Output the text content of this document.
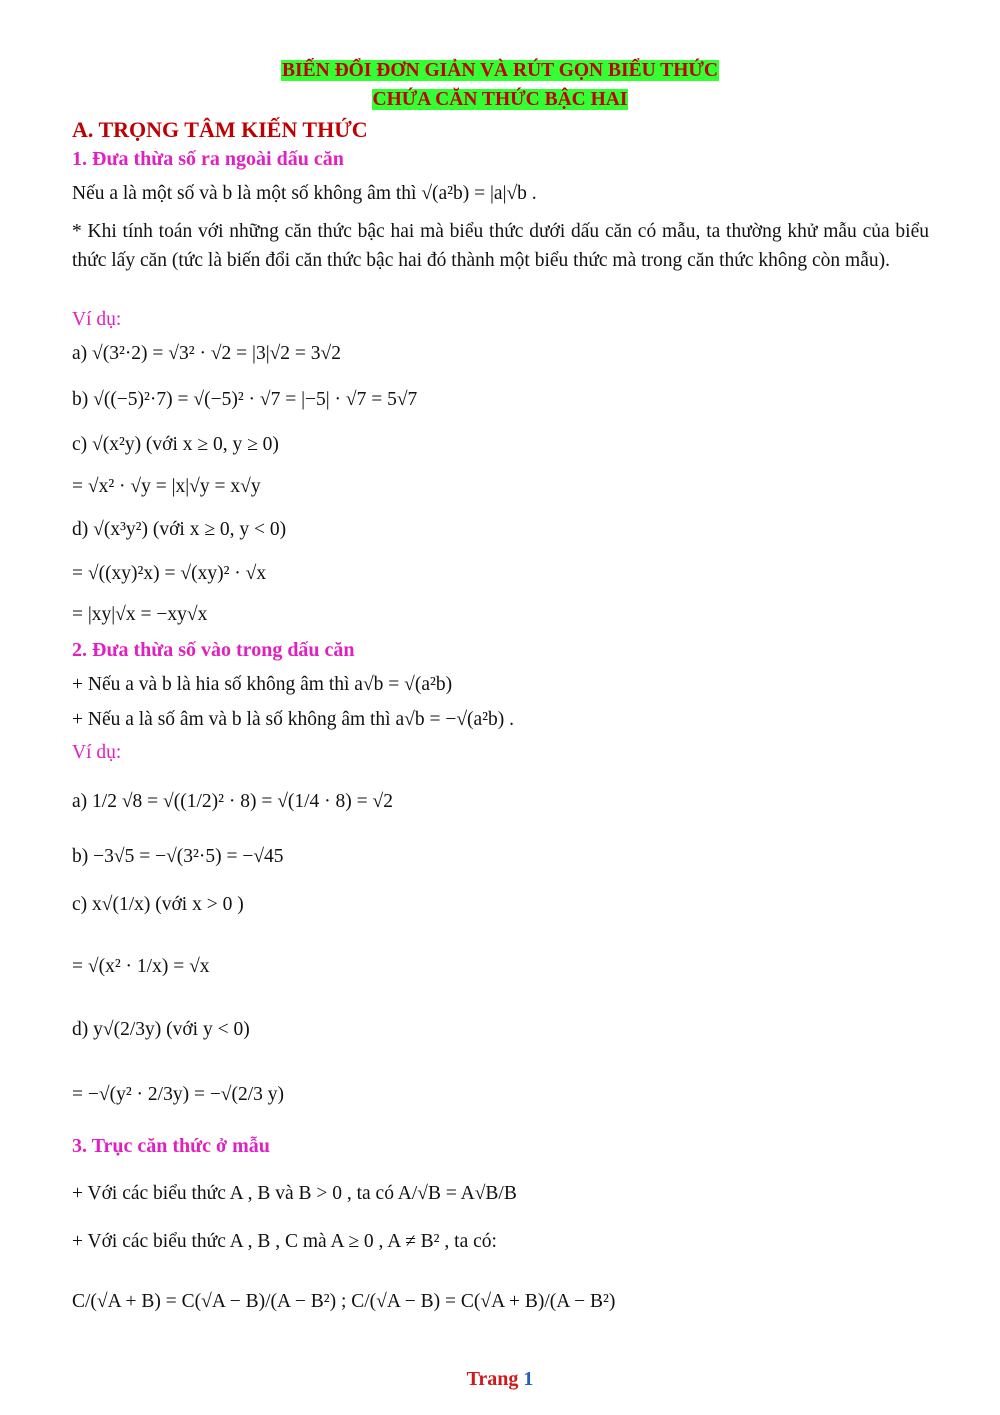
BIẾN ĐỔI ĐƠN GIẢN VÀ RÚT GỌN BIỂU THỨC
CHỨA CĂN THỨC BẬC HAI
A. TRỌNG TÂM KIẾN THỨC
1. Đưa thừa số ra ngoài dấu căn
Nếu a là một số và b là một số không âm thì √(a²b) = |a|√b .
* Khi tính toán với những căn thức bậc hai mà biểu thức dưới dấu căn có mẫu, ta thường khử mẫu của biểu thức lấy căn (tức là biến đổi căn thức bậc hai đó thành một biểu thức mà trong căn thức không còn mẫu).
Ví dụ:
a) √(3²·2) = √3² · √2 = |3|√2 = 3√2
b) √((−5)²·7) = √(−5)² · √7 = |−5| · √7 = 5√7
c) √(x²y) (với x ≥ 0, y ≥ 0)
= √x² · √y = |x|√y = x√y
d) √(x³y²) (với x ≥ 0, y < 0)
= √((xy)²x) = √(xy)² · √x
= |xy|√x = −xy√x
2. Đưa thừa số vào trong dấu căn
+ Nếu a và b là hia số không âm thì a√b = √(a²b)
+ Nếu a là số âm và b là số không âm thì a√b = −√(a²b) .
Ví dụ:
a) 1/2 √8 = √((1/2)² · 8) = √(1/4 · 8) = √2
b) −3√5 = −√(3²·5) = −√45
c) x√(1/x) (với x > 0 )
= √(x² · 1/x) = √x
d) y√(2/3y) (với y < 0)
= −√(y² · 2/3y) = −√(2/3 y)
3. Trục căn thức ở mẫu
+ Với các biểu thức A , B và B > 0 , ta có A/√B = A√B/B
+ Với các biểu thức A , B , C mà A ≥ 0 , A ≠ B² , ta có:
C/(√A + B) = C(√A − B)/(A − B²) ; C/(√A − B) = C(√A + B)/(A − B²)
Trang 1
